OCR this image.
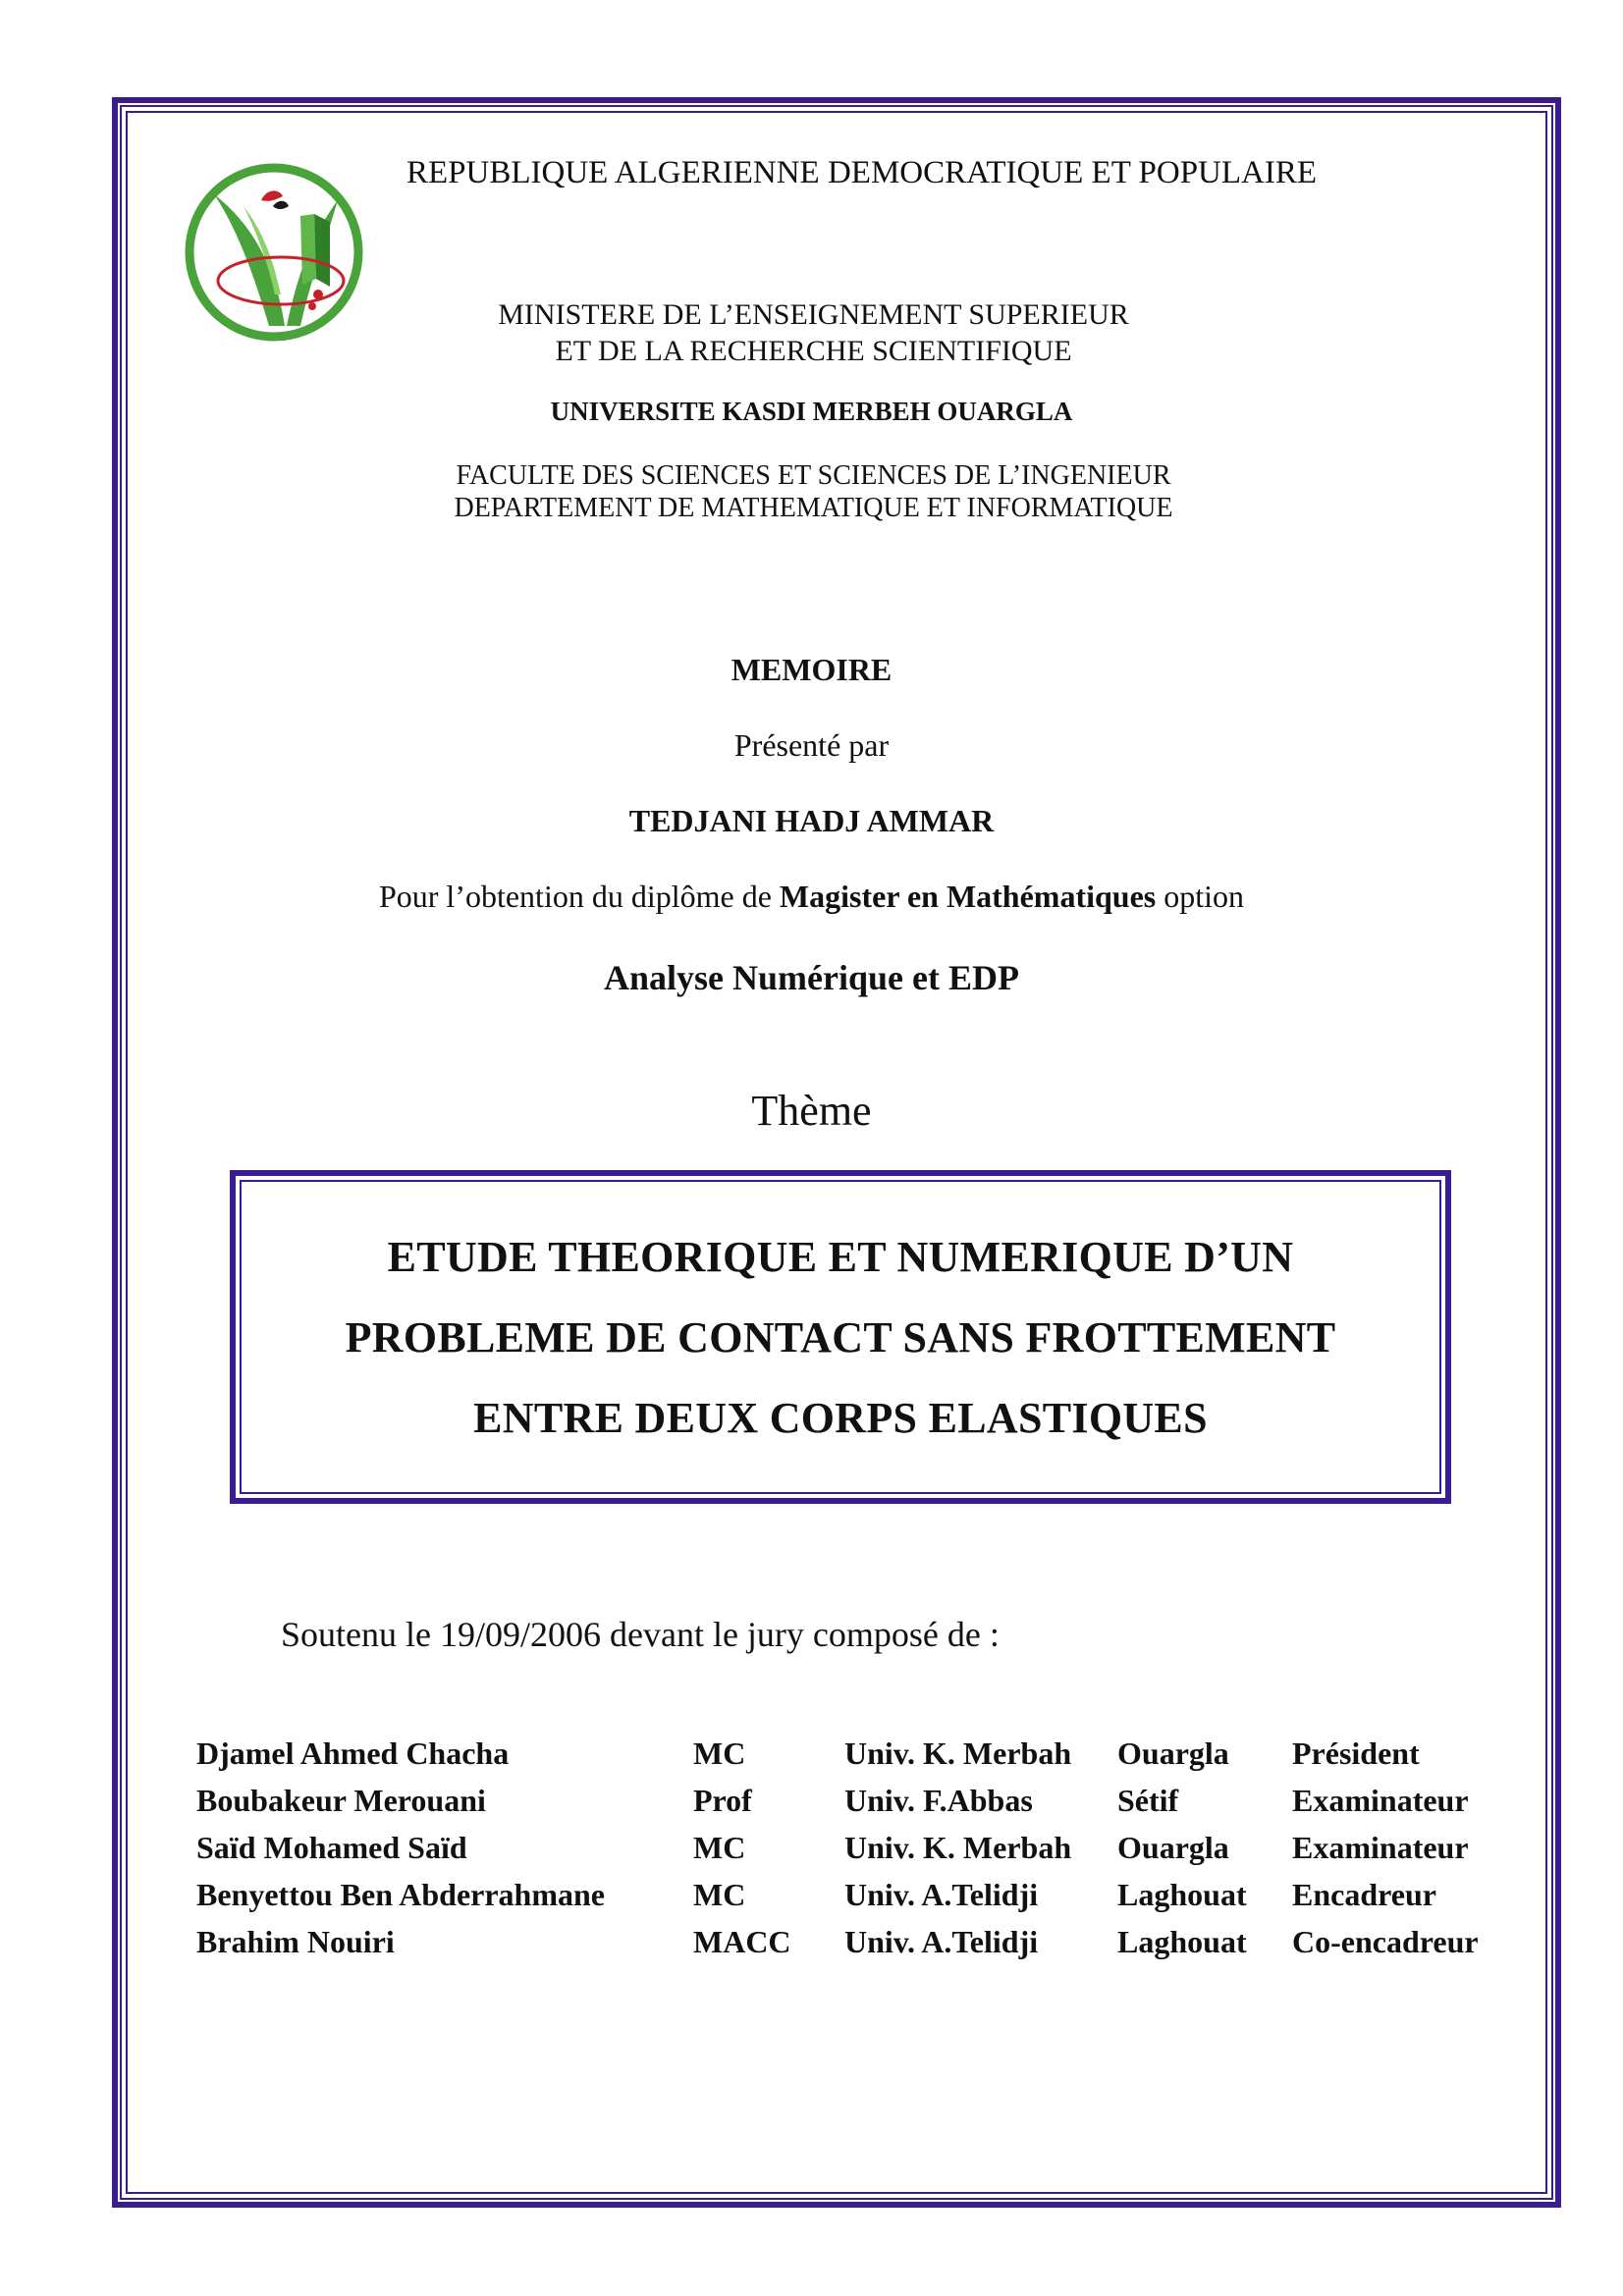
REPUBLIQUE ALGERIENNE DEMOCRATIQUE ET POPULAIRE
MINISTERE DE L’ENSEIGNEMENT SUPERIEUR
ET DE LA RECHERCHE SCIENTIFIQUE
UNIVERSITE KASDI MERBEH OUARGLA
FACULTE DES SCIENCES ET SCIENCES DE L’INGENIEUR
DEPARTEMENT DE MATHEMATIQUE ET INFORMATIQUE
MEMOIRE
Présenté par
TEDJANI HADJ AMMAR
Pour l’obtention du diplôme de Magister en Mathématiques option
Analyse Numérique et EDP
Thème
ETUDE THEORIQUE ET NUMERIQUE D’UN
PROBLEME DE CONTACT SANS FROTTEMENT
ENTRE DEUX CORPS ELASTIQUES
Soutenu le 19/09/2006 devant le jury composé de :
Djamel Ahmed Chacha	MC	Univ. K. Merbah	Ouargla	Président
Boubakeur Merouani	Prof	Univ. F.Abbas	Sétif	Examinateur
Saïd Mohamed Saïd	MC	Univ. K. Merbah	Ouargla	Examinateur
Benyettou Ben Abderrahmane	MC	Univ. A.Telidji	Laghouat	Encadreur
Brahim Nouiri	MACC	Univ. A.Telidji	Laghouat	Co-encadreur
